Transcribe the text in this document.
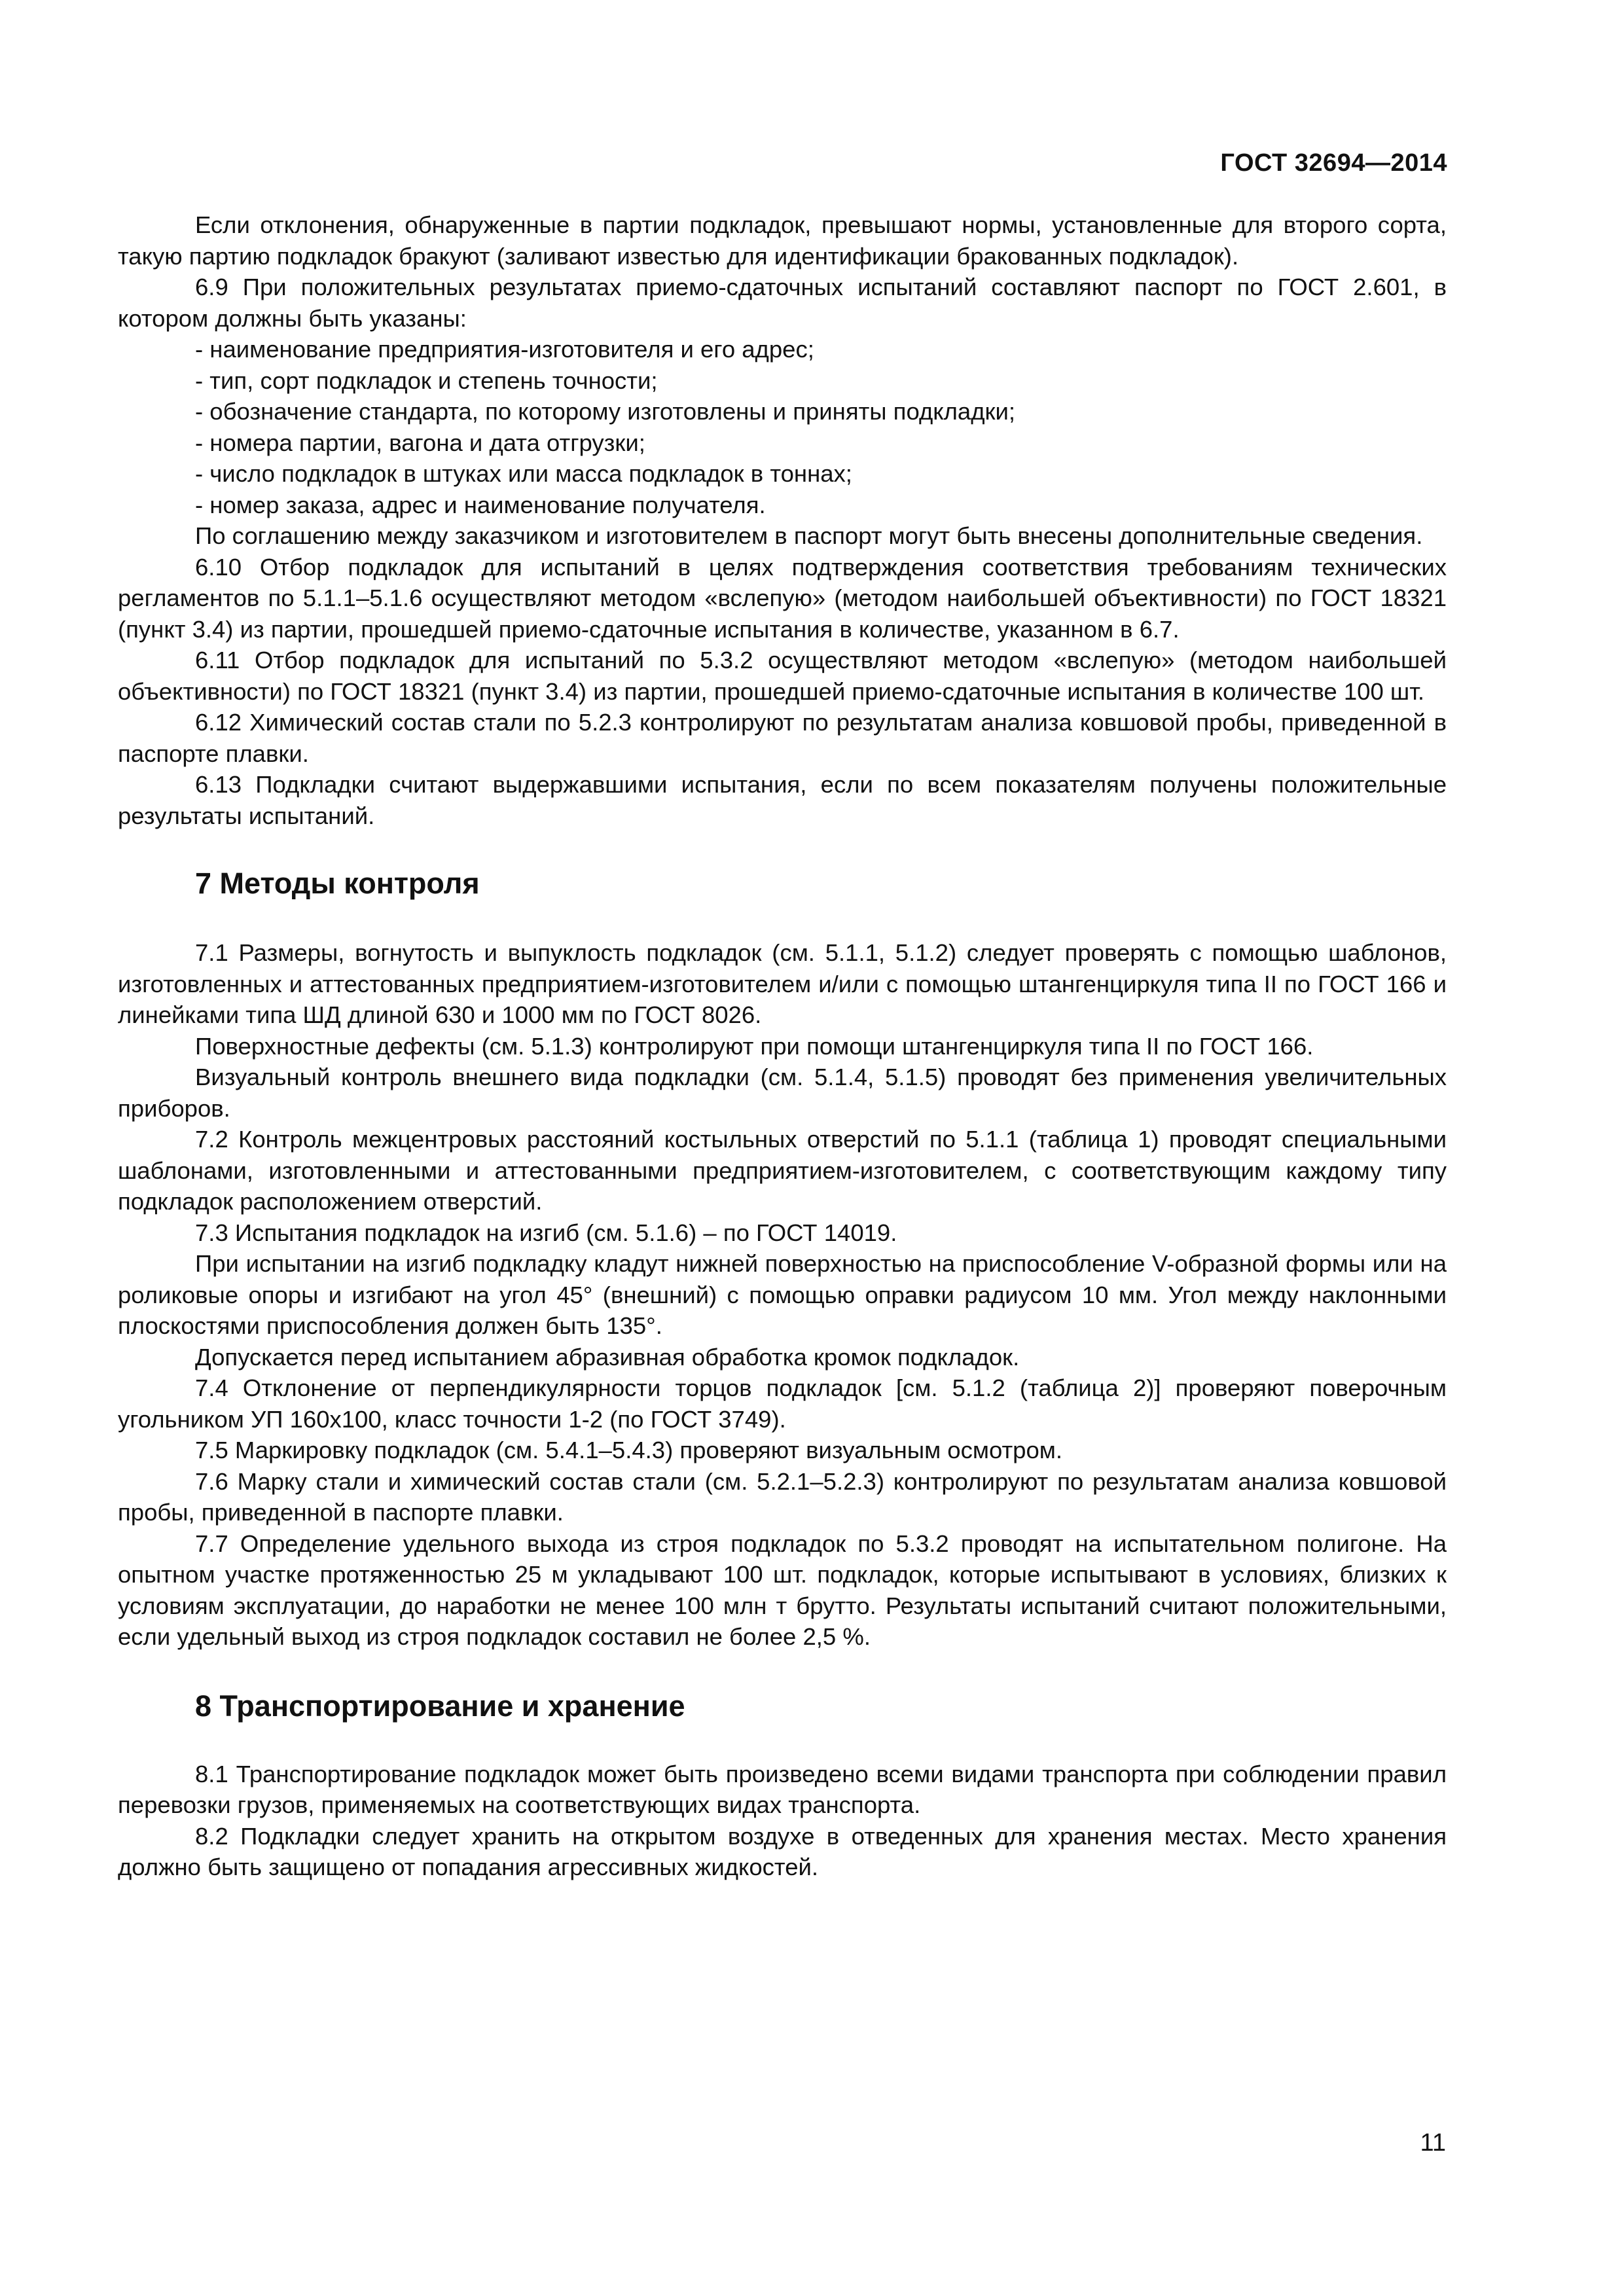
ГОСТ 32694—2014

Если отклонения, обнаруженные в партии подкладок, превышают нормы, установленные для второго сорта, такую партию подкладок бракуют (заливают известью для идентификации бракованных подкладок).

6.9 При положительных результатах приемо-сдаточных испытаний составляют паспорт по ГОСТ 2.601, в котором должны быть указаны:

- наименование предприятия-изготовителя и его адрес;

- тип, сорт подкладок и степень точности;

- обозначение стандарта, по которому изготовлены и приняты подкладки;

- номера партии, вагона и дата отгрузки;

- число подкладок в штуках или масса подкладок в тоннах;

- номер заказа, адрес и наименование получателя.

По соглашению между заказчиком и изготовителем в паспорт могут быть внесены дополнительные сведения.

6.10 Отбор подкладок для испытаний в целях подтверждения соответствия требованиям технических регламентов по 5.1.1–5.1.6 осуществляют методом «вслепую» (методом наибольшей объективности) по ГОСТ 18321 (пункт 3.4) из партии, прошедшей приемо-сдаточные испытания в количестве, указанном в 6.7.

6.11 Отбор подкладок для испытаний по 5.3.2 осуществляют методом «вслепую» (методом наибольшей объективности) по ГОСТ 18321 (пункт 3.4) из партии, прошедшей приемо-сдаточные испытания в количестве 100 шт.

6.12 Химический состав стали по 5.2.3 контролируют по результатам анализа ковшовой пробы, приведенной в паспорте плавки.

6.13 Подкладки считают выдержавшими испытания, если по всем показателям получены положительные результаты испытаний.

7 Методы контроля

7.1 Размеры, вогнутость и выпуклость подкладок (см. 5.1.1, 5.1.2) следует проверять с помощью шаблонов, изготовленных и аттестованных предприятием-изготовителем и/или с помощью штангенциркуля типа II по ГОСТ 166 и линейками типа ШД длиной 630 и 1000 мм по ГОСТ 8026.

Поверхностные дефекты (см. 5.1.3) контролируют при помощи штангенциркуля типа II по ГОСТ 166.

Визуальный контроль внешнего вида подкладки (см. 5.1.4, 5.1.5) проводят без применения увеличительных приборов.

7.2 Контроль межцентровых расстояний костыльных отверстий по 5.1.1 (таблица 1) проводят специальными шаблонами, изготовленными и аттестованными предприятием-изготовителем, с соответствующим каждому типу подкладок расположением отверстий.

7.3 Испытания подкладок на изгиб (см. 5.1.6) – по ГОСТ 14019.

При испытании на изгиб подкладку кладут нижней поверхностью на приспособление V-образной формы или на роликовые опоры и изгибают на угол 45° (внешний) с помощью оправки радиусом 10 мм. Угол между наклонными плоскостями приспособления должен быть 135°.

Допускается перед испытанием абразивная обработка кромок подкладок.

7.4 Отклонение от перпендикулярности торцов подкладок [см. 5.1.2 (таблица 2)] проверяют поверочным угольником УП 160х100, класс точности 1-2 (по ГОСТ 3749).

7.5 Маркировку подкладок (см. 5.4.1–5.4.3) проверяют визуальным осмотром.

7.6 Марку стали и химический состав стали (см. 5.2.1–5.2.3) контролируют по результатам анализа ковшовой пробы, приведенной в паспорте плавки.

7.7 Определение удельного выхода из строя подкладок по 5.3.2 проводят на испытательном полигоне. На опытном участке протяженностью 25 м укладывают 100 шт. подкладок, которые испытывают в условиях, близких к условиям эксплуатации, до наработки не менее 100 млн т брутто. Результаты испытаний считают положительными, если удельный выход из строя подкладок составил не более 2,5 %.

8 Транспортирование и хранение

8.1 Транспортирование подкладок может быть произведено всеми видами транспорта при соблюдении правил перевозки грузов, применяемых на соответствующих видах транспорта.

8.2 Подкладки следует хранить на открытом воздухе в отведенных для хранения местах. Место хранения должно быть защищено от попадания агрессивных жидкостей.

11
